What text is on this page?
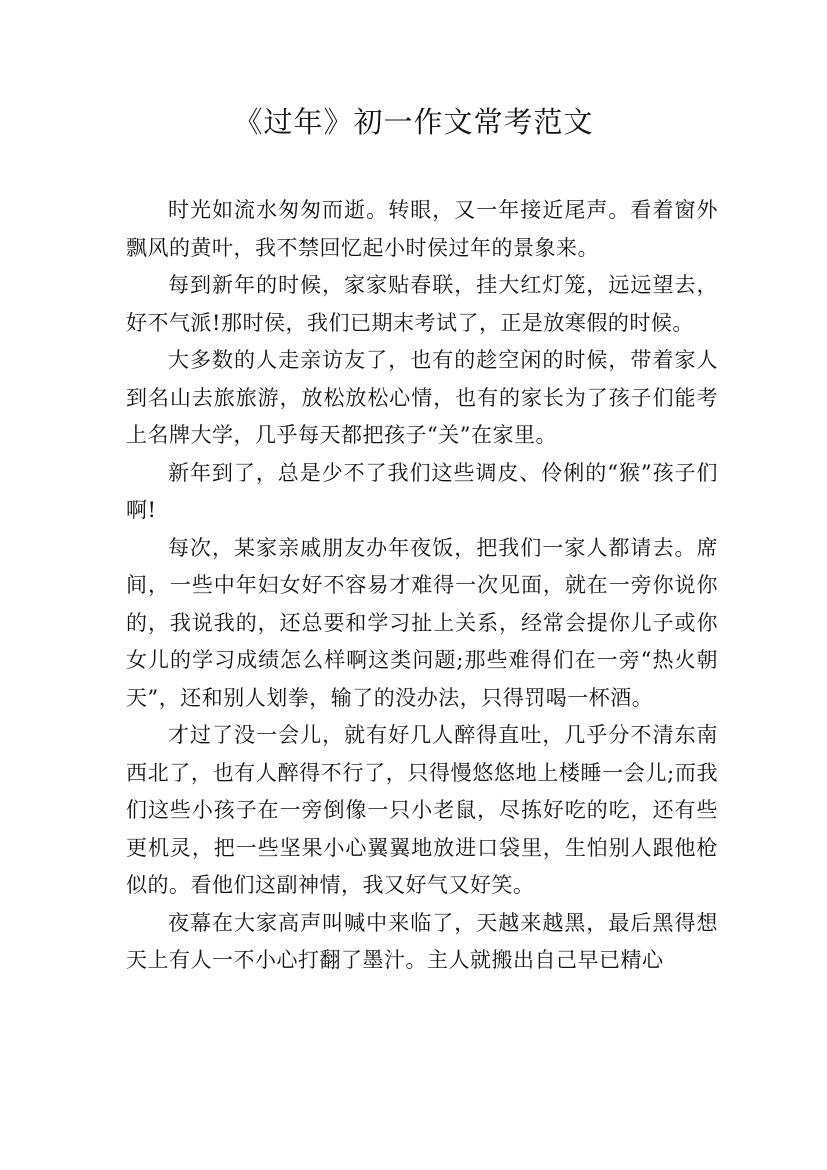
《过年》初一作文常考范文

时光如流水匆匆而逝。转眼，又一年接近尾声。看着窗外飘风的黄叶，我不禁回忆起小时侯过年的景象来。

每到新年的时候，家家贴春联，挂大红灯笼，远远望去，好不气派!那时侯，我们已期末考试了，正是放寒假的时候。

大多数的人走亲访友了，也有的趁空闲的时候，带着家人到名山去旅旅游，放松放松心情，也有的家长为了孩子们能考上名牌大学，几乎每天都把孩子“关”在家里。

新年到了，总是少不了我们这些调皮、伶俐的“猴”孩子们啊!

每次，某家亲戚朋友办年夜饭，把我们一家人都请去。席间，一些中年妇女好不容易才难得一次见面，就在一旁你说你的，我说我的，还总要和学习扯上关系，经常会提你儿子或你女儿的学习成绩怎么样啊这类问题;那些难得们在一旁“热火朝天”，还和别人划拳，输了的没办法，只得罚喝一杯酒。

才过了没一会儿，就有好几人醉得直吐，几乎分不清东南西北了，也有人醉得不行了，只得慢悠悠地上楼睡一会儿;而我们这些小孩子在一旁倒像一只小老鼠，尽拣好吃的吃，还有些更机灵，把一些坚果小心翼翼地放进口袋里，生怕别人跟他枪似的。看他们这副神情，我又好气又好笑。

夜幕在大家高声叫喊中来临了，天越来越黑，最后黑得想天上有人一不小心打翻了墨汁。主人就搬出自己早已精心
